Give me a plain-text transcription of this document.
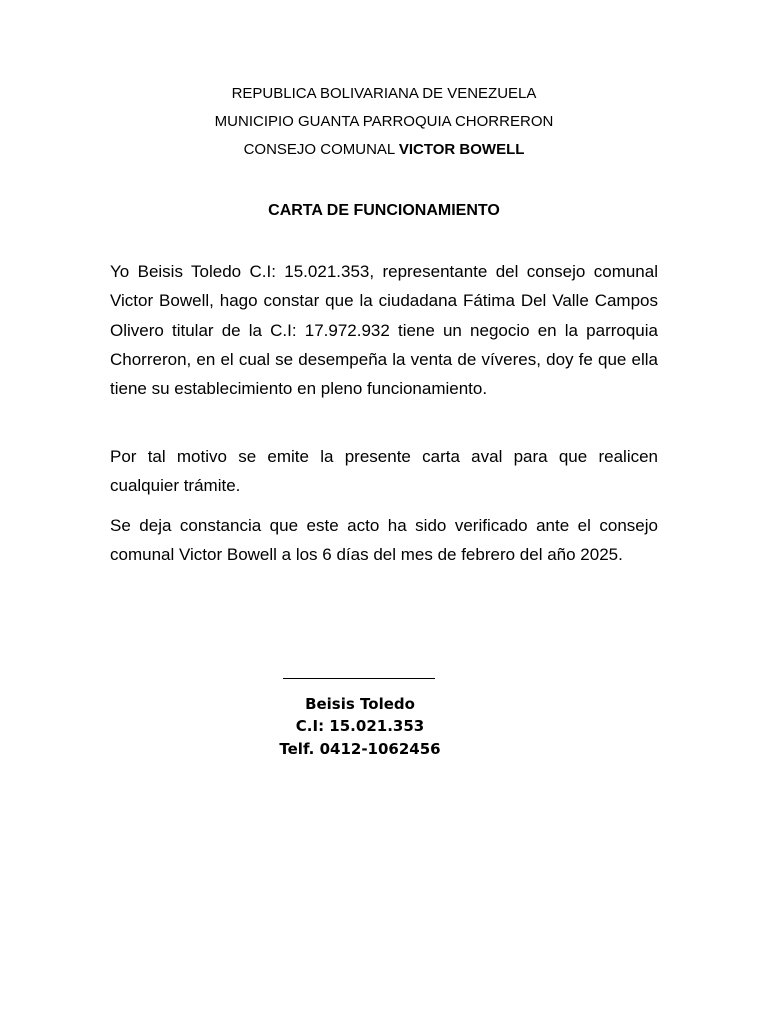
REPUBLICA BOLIVARIANA DE VENEZUELA
MUNICIPIO GUANTA PARROQUIA CHORRERON
CONSEJO COMUNAL VICTOR BOWELL
CARTA DE FUNCIONAMIENTO

Yo Beisis Toledo C.I: 15.021.353, representante del consejo comunal Victor Bowell, hago constar que la ciudadana Fátima Del Valle Campos Olivero titular de la C.I: 17.972.932 tiene un negocio en la parroquia Chorreron, en el cual se desempeña la venta de víveres, doy fe que ella tiene su establecimiento en pleno funcionamiento.

Por tal motivo se emite la presente carta aval para que realicen cualquier trámite.

Se deja constancia que este acto ha sido verificado ante el consejo comunal Victor Bowell a los 6 días del mes de febrero del año 2025.

Beisis Toledo
C.I: 15.021.353
Telf. 0412-1062456
